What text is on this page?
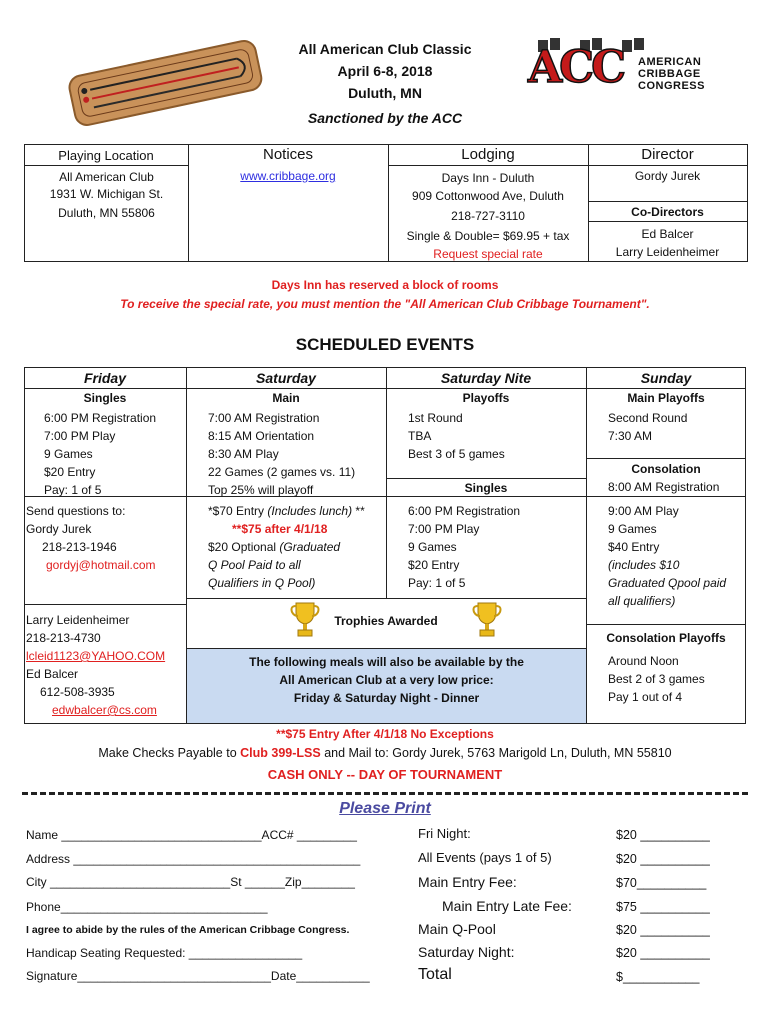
All American Club Classic
April 6-8, 2018
Duluth, MN
Sanctioned by the ACC
ACC AMERICAN
CRIBBAGE
CONGRESS
Playing Location
All American Club
1931 W. Michigan St.
Duluth, MN 55806
Notices
www.cribbage.org
Lodging
Days Inn - Duluth
909 Cottonwood Ave, Duluth
218-727-3110
Single & Double= $69.95 + tax
Request special rate
Director
Gordy Jurek
Co-Directors
Ed Balcer
Larry Leidenheimer
Days Inn has reserved a block of rooms
To receive the special rate, you must mention the "All American Club Cribbage Tournament".
SCHEDULED EVENTS
Friday
Singles
6:00 PM Registration
7:00 PM Play
9 Games
$20 Entry
Pay: 1 of 5
Send questions to:
Gordy Jurek
218-213-1946
gordyj@hotmail.com
Larry Leidenheimer
218-213-4730
lcleid1123@YAHOO.COM
Ed Balcer
612-508-3935
edwbalcer@cs.com
Saturday
Main
7:00 AM Registration
8:15 AM Orientation
8:30 AM Play
22 Games (2 games vs. 11)
Top 25% will playoff
*$70 Entry (Includes lunch) **
**$75 after 4/1/18
$20 Optional (Graduated
Q Pool Paid to all
Qualifiers in Q Pool)
Trophies Awarded
The following meals will also be available by the
All American Club at a very low price:
Friday & Saturday Night - Dinner
Saturday Nite
Playoffs
1st Round
TBA
Best 3 of 5 games
Singles
6:00 PM Registration
7:00 PM Play
9 Games
$20 Entry
Pay: 1 of 5
Sunday
Main Playoffs
Second Round
7:30 AM
Consolation
8:00 AM Registration
9:00 AM Play
9 Games
$40 Entry
(includes $10
Graduated Qpool paid
all qualifiers)
Consolation Playoffs
Around Noon
Best 2 of 3 games
Pay 1 out of 4
**$75 Entry After 4/1/18 No Exceptions
Make Checks Payable to Club 399-LSS and Mail to: Gordy Jurek, 5763 Marigold Ln, Duluth, MN 55810
CASH ONLY -- DAY OF TOURNAMENT
Please Print
Name ______________________________ACC# _________
Address ___________________________________________
City ___________________________St ______Zip________
Phone_______________________________
I agree to abide by the rules of the American Cribbage Congress.
Handicap Seating Requested: _________________
Signature_____________________________Date___________
Fri Night:
All Events (pays 1 of 5)
Main Entry Fee:
Main Entry Late Fee:
Main Q-Pool
Saturday Night:
Total
$20 __________
$20 __________
$70__________
$75 __________
$20 __________
$20 __________
$___________
